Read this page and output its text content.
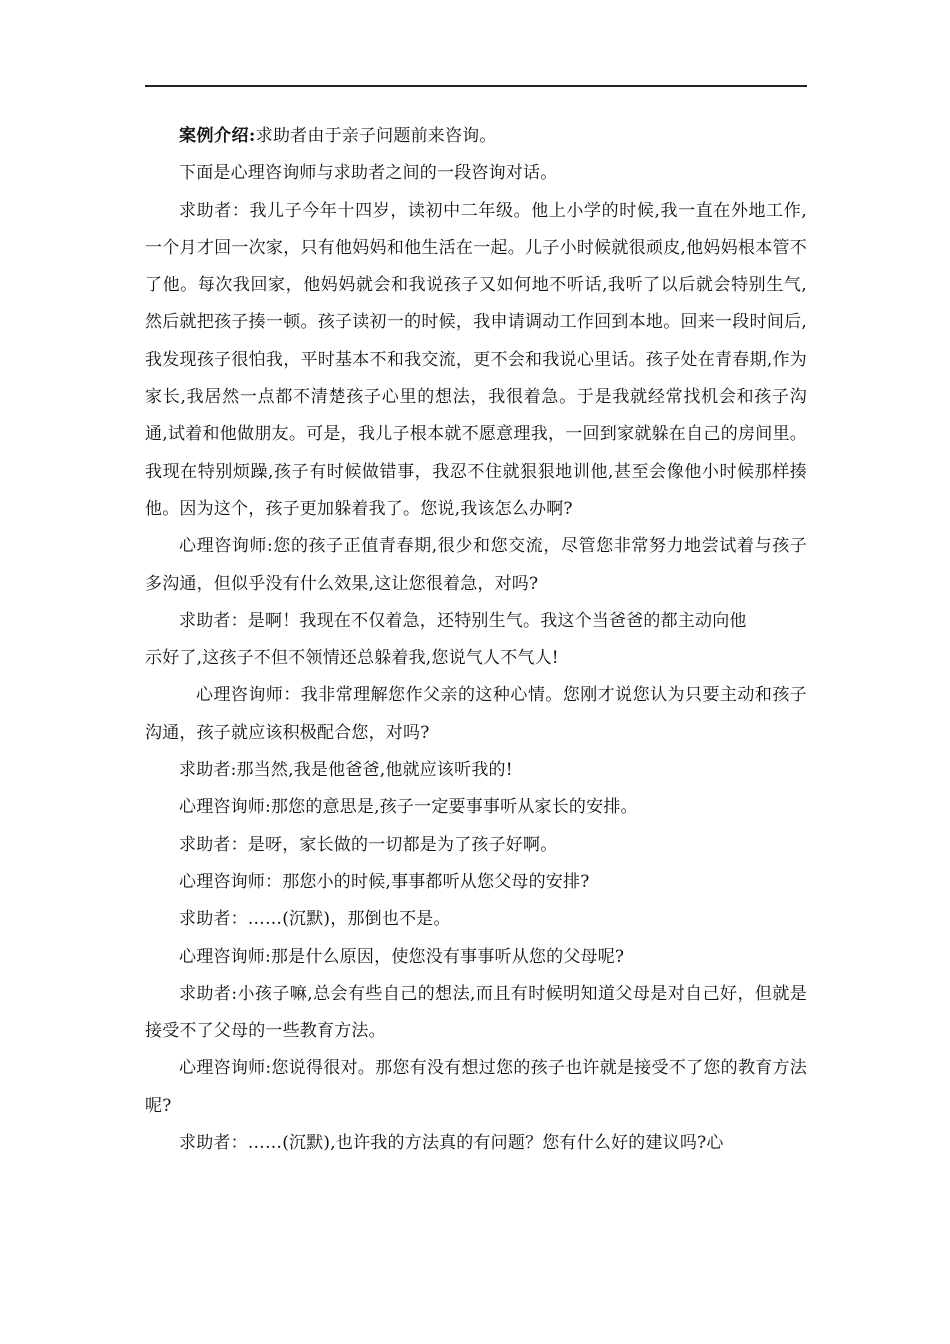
案例介绍:求助者由于亲子问题前来咨询。

下面是心理咨询师与求助者之间的一段咨询对话。

求助者：我儿子今年十四岁，读初中二年级。他上小学的时候,我一直在外地工作,一个月才回一次家，只有他妈妈和他生活在一起。儿子小时候就很顽皮,他妈妈根本管不了他。每次我回家，他妈妈就会和我说孩子又如何地不听话,我听了以后就会特别生气,然后就把孩子揍一顿。孩子读初一的时候，我申请调动工作回到本地。回来一段时间后,我发现孩子很怕我，平时基本不和我交流，更不会和我说心里话。孩子处在青春期,作为家长,我居然一点都不清楚孩子心里的想法，我很着急。于是我就经常找机会和孩子沟通,试着和他做朋友。可是，我儿子根本就不愿意理我，一回到家就躲在自己的房间里。我现在特别烦躁,孩子有时候做错事，我忍不住就狠狠地训他,甚至会像他小时候那样揍他。因为这个，孩子更加躲着我了。您说,我该怎么办啊?

心理咨询师:您的孩子正值青春期,很少和您交流，尽管您非常努力地尝试着与孩子多沟通，但似乎没有什么效果,这让您很着急，对吗?

求助者：是啊！我现在不仅着急，还特别生气。我这个当爸爸的都主动向他

示好了,这孩子不但不领情还总躲着我,您说气人不气人!

心理咨询师：我非常理解您作父亲的这种心情。您刚才说您认为只要主动和孩子沟通，孩子就应该积极配合您，对吗?

求助者:那当然,我是他爸爸,他就应该听我的!

心理咨询师:那您的意思是,孩子一定要事事听从家长的安排。

求助者：是呀，家长做的一切都是为了孩子好啊。

心理咨询师：那您小的时候,事事都听从您父母的安排?

求助者：……(沉默)，那倒也不是。

心理咨询师:那是什么原因，使您没有事事听从您的父母呢?

求助者:小孩子嘛,总会有些自己的想法,而且有时候明知道父母是对自己好，但就是接受不了父母的一些教育方法。

心理咨询师:您说得很对。那您有没有想过您的孩子也许就是接受不了您的教育方法呢?

求助者：……(沉默),也许我的方法真的有问题？您有什么好的建议吗?心
